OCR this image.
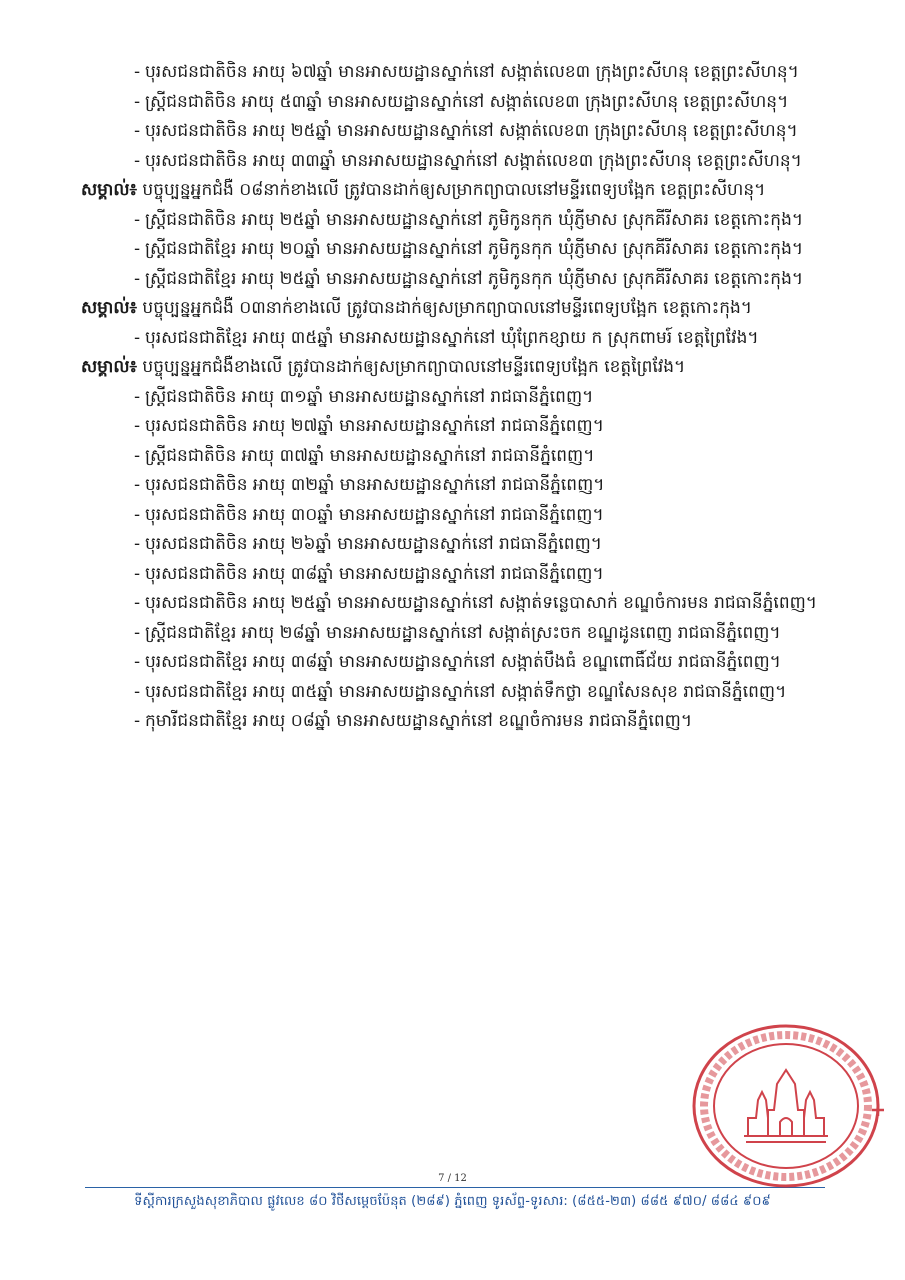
- បុរសជនជាតិចិន អាយុ ៦៧ឆ្នាំ មានអាសយដ្ឋានស្នាក់នៅ សង្កាត់លេខ៣ ក្រុងព្រះសីហនុ ខេត្តព្រះសីហនុ។
- ស្ត្រីជនជាតិចិន អាយុ ៥៣ឆ្នាំ មានអាសយដ្ឋានស្នាក់នៅ សង្កាត់លេខ៣ ក្រុងព្រះសីហនុ ខេត្តព្រះសីហនុ។
- បុរសជនជាតិចិន អាយុ ២៥ឆ្នាំ មានអាសយដ្ឋានស្នាក់នៅ សង្កាត់លេខ៣ ក្រុងព្រះសីហនុ ខេត្តព្រះសីហនុ។
- បុរសជនជាតិចិន អាយុ ៣៣ឆ្នាំ មានអាសយដ្ឋានស្នាក់នៅ សង្កាត់លេខ៣ ក្រុងព្រះសីហនុ ខេត្តព្រះសីហនុ។
សម្គាល់៖ បច្ចុប្បន្នអ្នកជំងឺ ០៨នាក់ខាងលើ ត្រូវបានដាក់ឲ្យសម្រាកព្យាបាលនៅមន្ទីរពេទ្យបង្អែក ខេត្តព្រះសីហនុ។
- ស្ត្រីជនជាតិចិន អាយុ ២៥ឆ្នាំ មានអាសយដ្ឋានស្នាក់នៅ ភូមិកូនកុក ឃុំភ្ញីមាស ស្រុកគីរីសាគរ ខេត្តកោះកុង។
- ស្ត្រីជនជាតិខ្មែរ អាយុ ២០ឆ្នាំ មានអាសយដ្ឋានស្នាក់នៅ ភូមិកូនកុក ឃុំភ្ញីមាស ស្រុកគីរីសាគរ ខេត្តកោះកុង។
- ស្ត្រីជនជាតិខ្មែរ អាយុ ២៥ឆ្នាំ មានអាសយដ្ឋានស្នាក់នៅ ភូមិកូនកុក ឃុំភ្ញីមាស ស្រុកគីរីសាគរ ខេត្តកោះកុង។
សម្គាល់៖ បច្ចុប្បន្នអ្នកជំងឺ ០៣នាក់ខាងលើ ត្រូវបានដាក់ឲ្យសម្រាកព្យាបាលនៅមន្ទីរពេទ្យបង្អែក ខេត្តកោះកុង។
- បុរសជនជាតិខ្មែរ អាយុ ៣៥ឆ្នាំ មានអាសយដ្ឋានស្នាក់នៅ ឃុំព្រែកខ្សាយ ក ស្រុកពាមរ៍ ខេត្តព្រៃវែង។
សម្គាល់៖ បច្ចុប្បន្នអ្នកជំងឺខាងលើ ត្រូវបានដាក់ឲ្យសម្រាកព្យាបាលនៅមន្ទីរពេទ្យបង្អែក ខេត្តព្រៃវែង។
- ស្ត្រីជនជាតិចិន អាយុ ៣១ឆ្នាំ មានអាសយដ្ឋានស្នាក់នៅ រាជធានីភ្នំពេញ។
- បុរសជនជាតិចិន អាយុ ២៧ឆ្នាំ មានអាសយដ្ឋានស្នាក់នៅ រាជធានីភ្នំពេញ។
- ស្ត្រីជនជាតិចិន អាយុ ៣៧ឆ្នាំ មានអាសយដ្ឋានស្នាក់នៅ រាជធានីភ្នំពេញ។
- បុរសជនជាតិចិន អាយុ ៣២ឆ្នាំ មានអាសយដ្ឋានស្នាក់នៅ រាជធានីភ្នំពេញ។
- បុរសជនជាតិចិន អាយុ ៣០ឆ្នាំ មានអាសយដ្ឋានស្នាក់នៅ រាជធានីភ្នំពេញ។
- បុរសជនជាតិចិន អាយុ ២៦ឆ្នាំ មានអាសយដ្ឋានស្នាក់នៅ រាជធានីភ្នំពេញ។
- បុរសជនជាតិចិន អាយុ ៣៨ឆ្នាំ មានអាសយដ្ឋានស្នាក់នៅ រាជធានីភ្នំពេញ។
- បុរសជនជាតិចិន អាយុ ២៥ឆ្នាំ មានអាសយដ្ឋានស្នាក់នៅ សង្កាត់ទន្លេបាសាក់ ខណ្ឌចំការមន រាជធានីភ្នំពេញ។
- ស្ត្រីជនជាតិខ្មែរ អាយុ ២៨ឆ្នាំ មានអាសយដ្ឋានស្នាក់នៅ សង្កាត់ស្រះចក ខណ្ឌដូនពេញ រាជធានីភ្នំពេញ។
- បុរសជនជាតិខ្មែរ អាយុ ៣៨ឆ្នាំ មានអាសយដ្ឋានស្នាក់នៅ សង្កាត់បឹងធំ ខណ្ឌពោធិ៍ជ័យ រាជធានីភ្នំពេញ។
- បុរសជនជាតិខ្មែរ អាយុ ៣៥ឆ្នាំ មានអាសយដ្ឋានស្នាក់នៅ សង្កាត់ទឹកថ្លា ខណ្ឌសែនសុខ រាជធានីភ្នំពេញ។
- កុមារីជនជាតិខ្មែរ អាយុ ០៨ឆ្នាំ មានអាសយដ្ឋានស្នាក់នៅ ខណ្ឌចំការមន រាជធានីភ្នំពេញ។
7 / 12
ទីស្តីការក្រសួងសុខាភិបាល ផ្លូវលេខ ៨០ វិថីសម្តេចប៉ែនុត (២៨៩) ភ្នំពេញ ទូរស័ព្ទ-ទូរសារ: (៨៥៥-២៣) ៨៨៥ ៩៧០/ ៨៨៤ ៩០៩
